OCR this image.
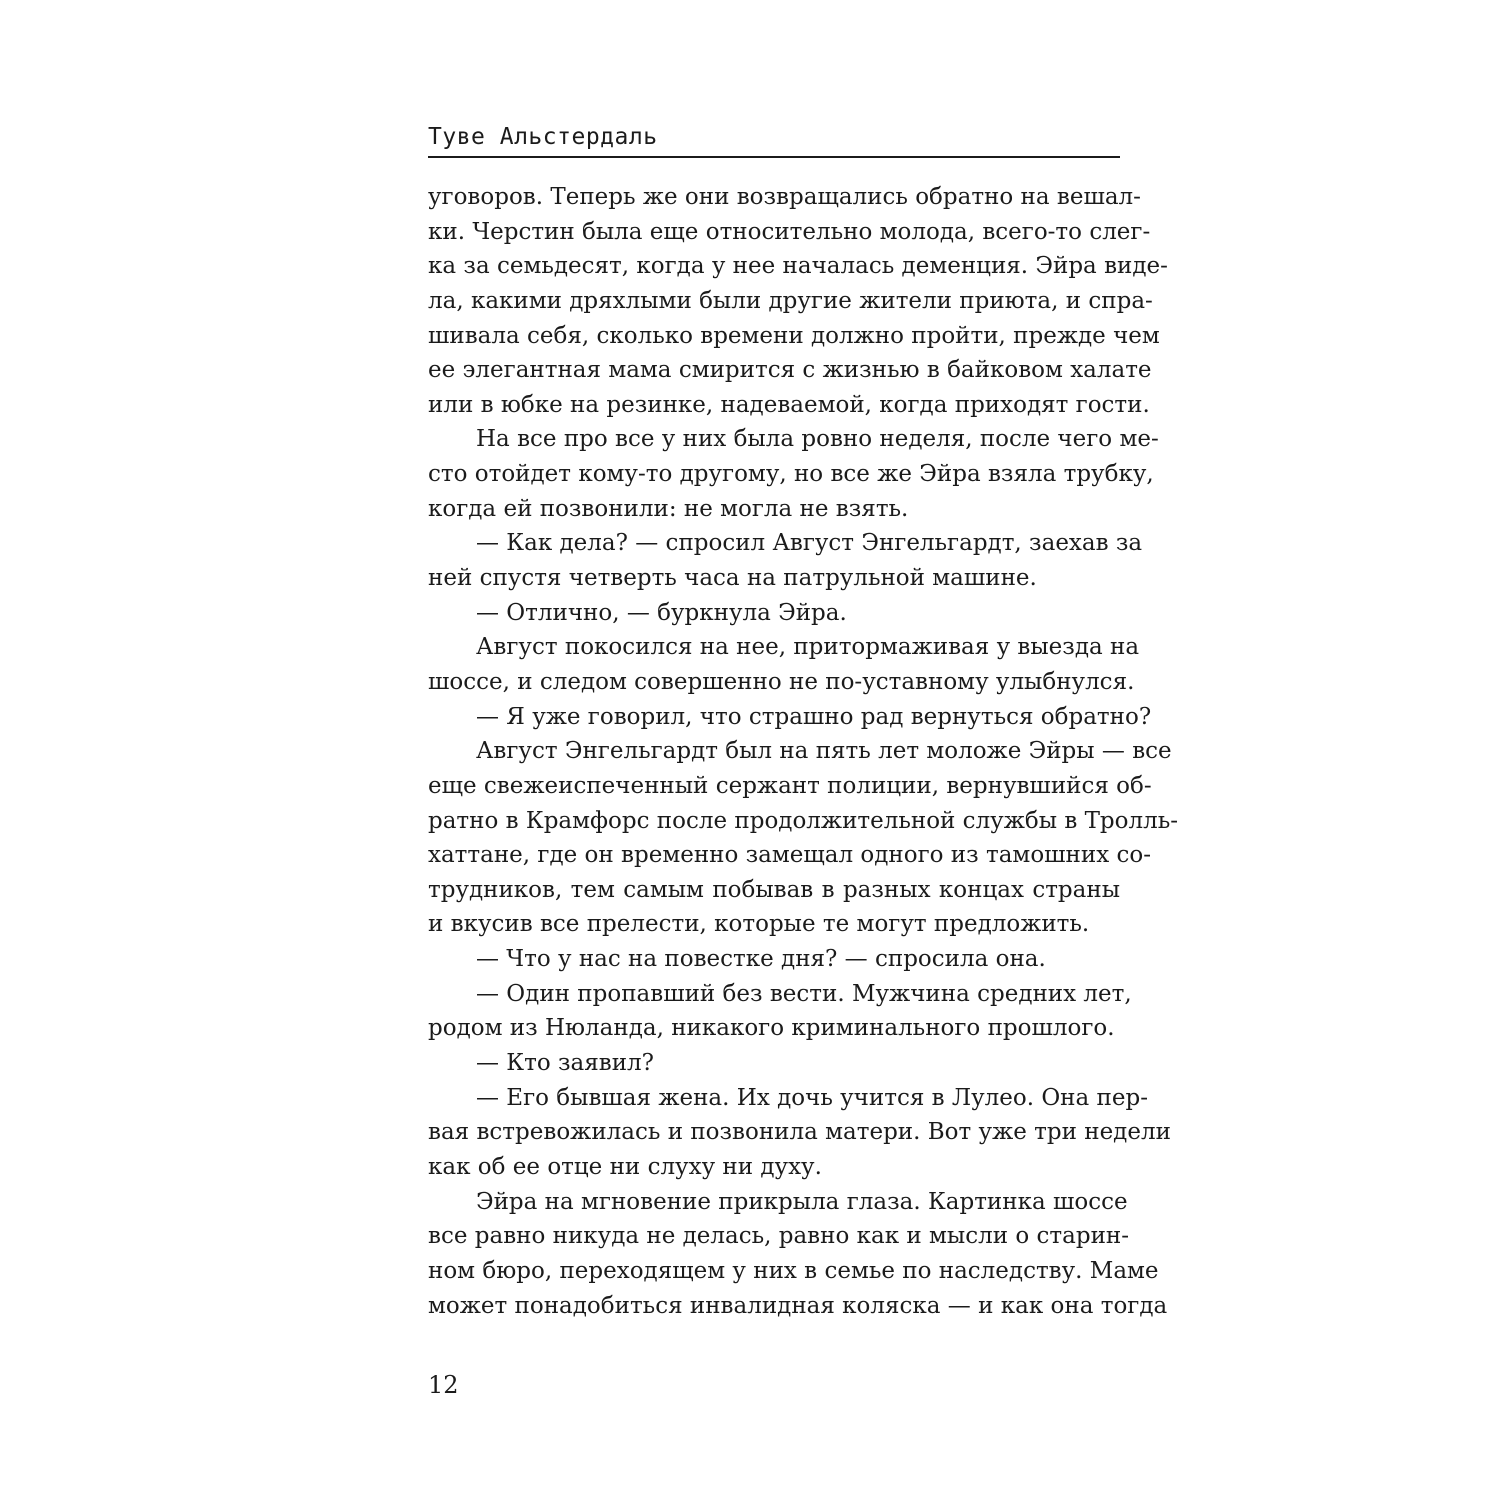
Туве Альстердаль
уговоров. Теперь же они возвращались обратно на вешал-
ки. Черстин была еще относительно молода, всего-то слег-
ка за семьдесят, когда у нее началась деменция. Эйра виде-
ла, какими дряхлыми были другие жители приюта, и спра-
шивала себя, сколько времени должно пройти, прежде чем
ее элегантная мама смирится с жизнью в байковом халате
или в юбке на резинке, надеваемой, когда приходят гости.
На все про все у них была ровно неделя, после чего ме-
сто отойдет кому-то другому, но все же Эйра взяла трубку,
когда ей позвонили: не могла не взять.
— Как дела? — спросил Август Энгельгардт, заехав за
ней спустя четверть часа на патрульной машине.
— Отлично, — буркнула Эйра.
Август покосился на нее, притормаживая у выезда на
шоссе, и следом совершенно не по-уставному улыбнулся.
— Я уже говорил, что страшно рад вернуться обратно?
Август Энгельгардт был на пять лет моложе Эйры — все
еще свежеиспеченный сержант полиции, вернувшийся об-
ратно в Крамфорс после продолжительной службы в Тролль-
хаттане, где он временно замещал одного из тамошних со-
трудников, тем самым побывав в разных концах страны
и вкусив все прелести, которые те могут предложить.
— Что у нас на повестке дня? — спросила она.
— Один пропавший без вести. Мужчина средних лет,
родом из Нюланда, никакого криминального прошлого.
— Кто заявил?
— Его бывшая жена. Их дочь учится в Лулео. Она пер-
вая встревожилась и позвонила матери. Вот уже три недели
как об ее отце ни слуху ни духу.
Эйра на мгновение прикрыла глаза. Картинка шоссе
все равно никуда не делась, равно как и мысли о старин-
ном бюро, переходящем у них в семье по наследству. Маме
может понадобиться инвалидная коляска — и как она тогда
12
